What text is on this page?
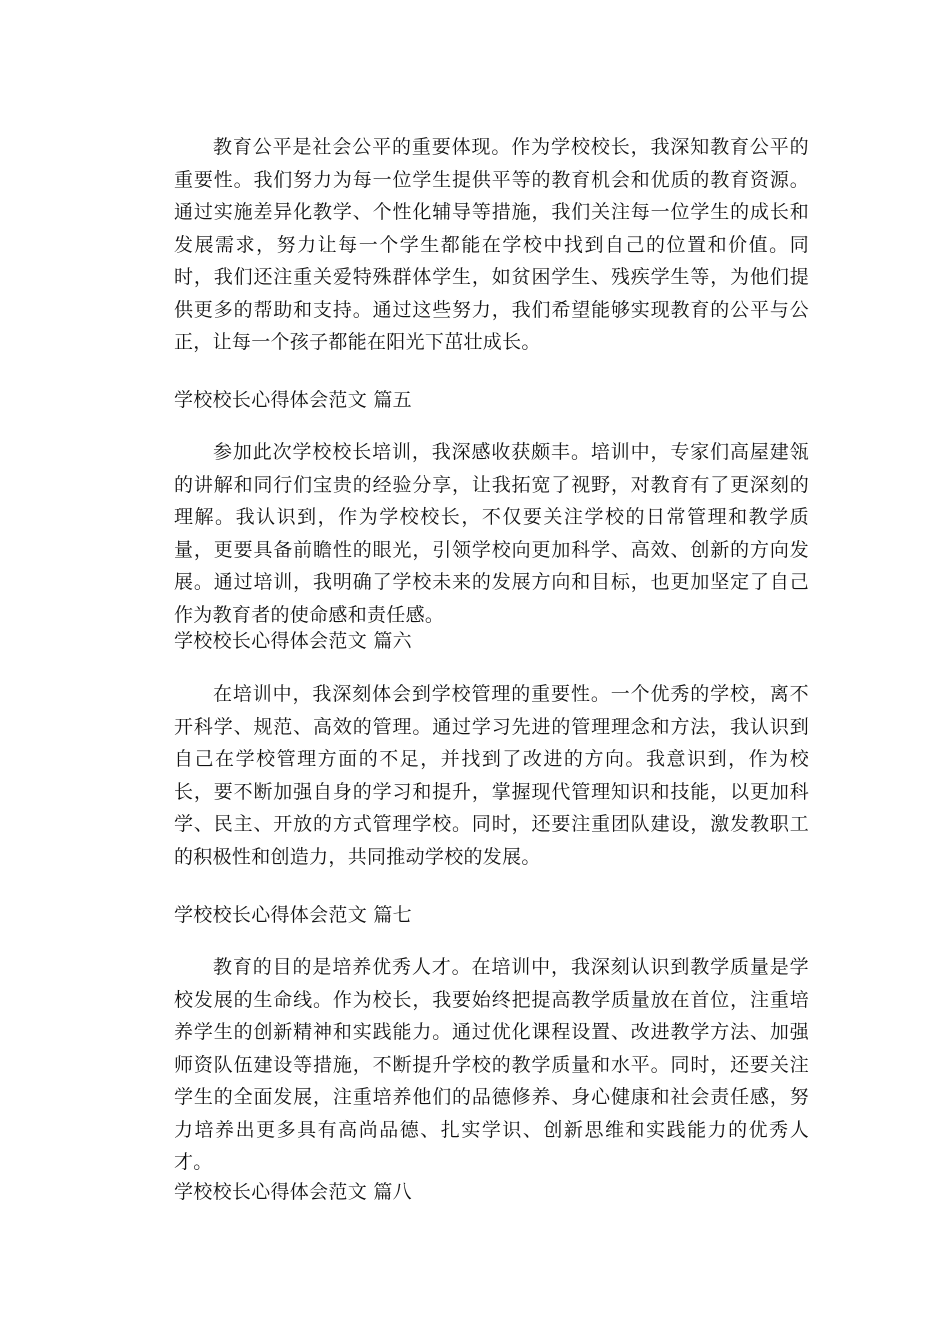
教育公平是社会公平的重要体现。作为学校校长，我深知教育公平的重要性。我们努力为每一位学生提供平等的教育机会和优质的教育资源。通过实施差异化教学、个性化辅导等措施，我们关注每一位学生的成长和发展需求，努力让每一个学生都能在学校中找到自己的位置和价值。同时，我们还注重关爱特殊群体学生，如贫困学生、残疾学生等，为他们提供更多的帮助和支持。通过这些努力，我们希望能够实现教育的公平与公正，让每一个孩子都能在阳光下茁壮成长。

学校校长心得体会范文 篇五

参加此次学校校长培训，我深感收获颇丰。培训中，专家们高屋建瓴的讲解和同行们宝贵的经验分享，让我拓宽了视野，对教育有了更深刻的理解。我认识到，作为学校校长，不仅要关注学校的日常管理和教学质量，更要具备前瞻性的眼光，引领学校向更加科学、高效、创新的方向发展。通过培训，我明确了学校未来的发展方向和目标，也更加坚定了自己作为教育者的使命感和责任感。

学校校长心得体会范文 篇六

在培训中，我深刻体会到学校管理的重要性。一个优秀的学校，离不开科学、规范、高效的管理。通过学习先进的管理理念和方法，我认识到自己在学校管理方面的不足，并找到了改进的方向。我意识到，作为校长，要不断加强自身的学习和提升，掌握现代管理知识和技能，以更加科学、民主、开放的方式管理学校。同时，还要注重团队建设，激发教职工的积极性和创造力，共同推动学校的发展。

学校校长心得体会范文 篇七

教育的目的是培养优秀人才。在培训中，我深刻认识到教学质量是学校发展的生命线。作为校长，我要始终把提高教学质量放在首位，注重培养学生的创新精神和实践能力。通过优化课程设置、改进教学方法、加强师资队伍建设等措施，不断提升学校的教学质量和水平。同时，还要关注学生的全面发展，注重培养他们的品德修养、身心健康和社会责任感，努力培养出更多具有高尚品德、扎实学识、创新思维和实践能力的优秀人才。

学校校长心得体会范文 篇八
